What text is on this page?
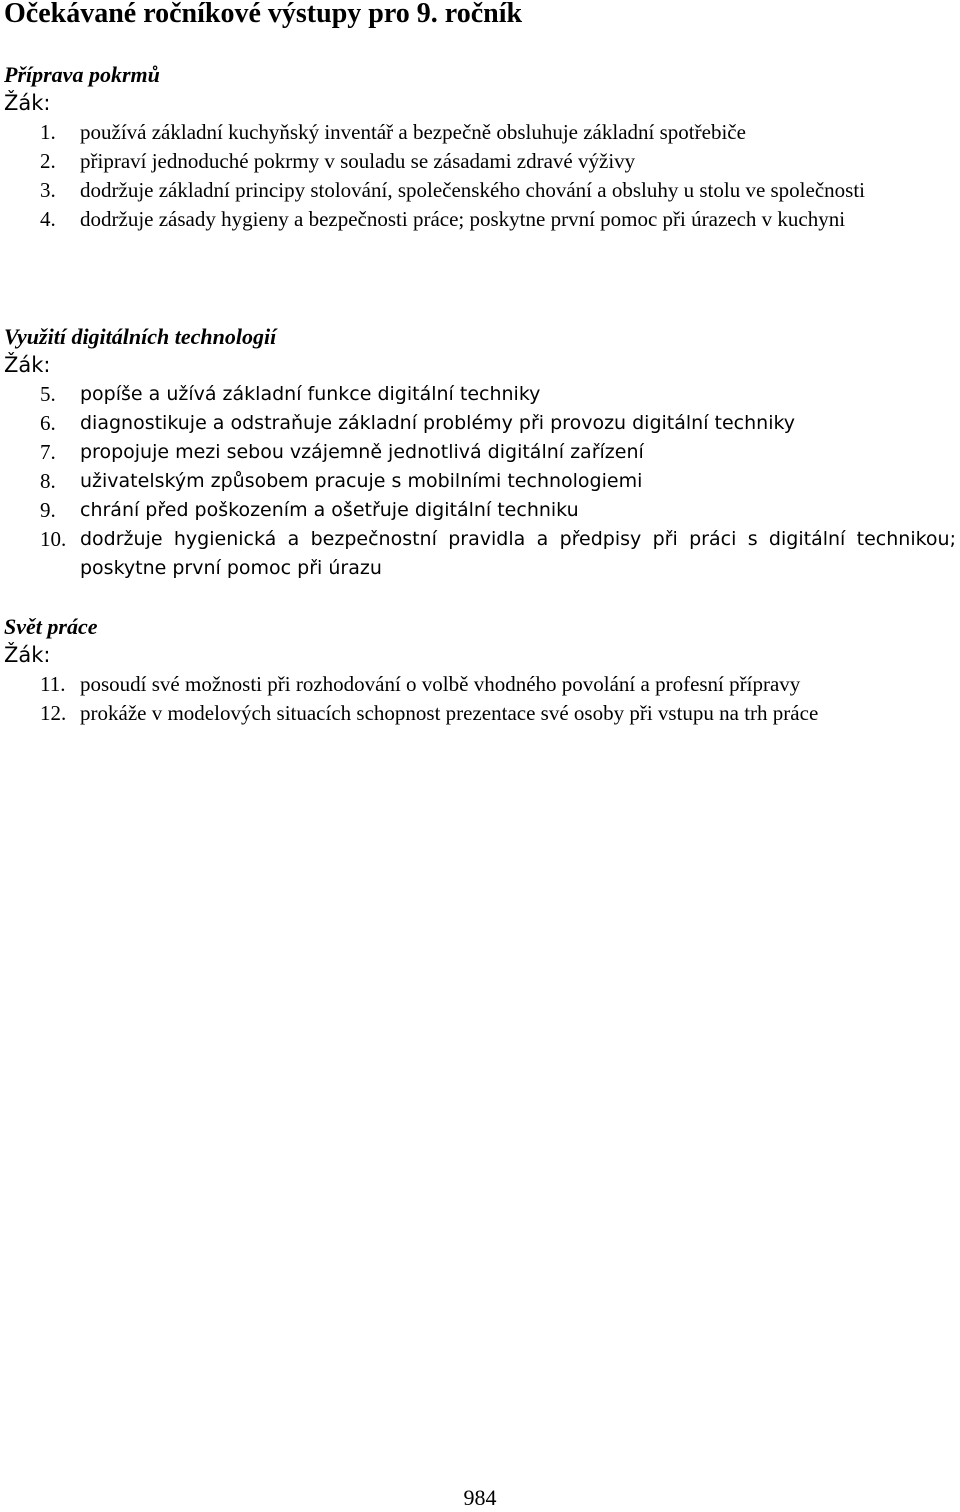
Očekávané ročníkové výstupy pro 9. ročník
Příprava pokrmů
Žák:
1. používá základní kuchyňský inventář a bezpečně obsluhuje základní spotřebiče
2. připraví jednoduché pokrmy v souladu se zásadami zdravé výživy
3. dodržuje základní principy stolování, společenského chování a obsluhy u stolu ve společnosti
4. dodržuje zásady hygieny a bezpečnosti práce; poskytne první pomoc při úrazech v kuchyni
Využití digitálních technologií
Žák:
5. popíše a užívá základní funkce digitální techniky
6. diagnostikuje a odstraňuje základní problémy při provozu digitální techniky
7. propojuje mezi sebou vzájemně jednotlivá digitální zařízení
8. uživatelským způsobem pracuje s mobilními technologiemi
9. chrání před poškozením a ošetřuje digitální techniku
10. dodržuje hygienická a bezpečnostní pravidla a předpisy při práci s digitální technikou; poskytne první pomoc při úrazu
Svět práce
Žák:
11. posoudí své možnosti při rozhodování o volbě vhodného povolání a profesní přípravy
12. prokáže v modelových situacích schopnost prezentace své osoby při vstupu na trh práce
984
